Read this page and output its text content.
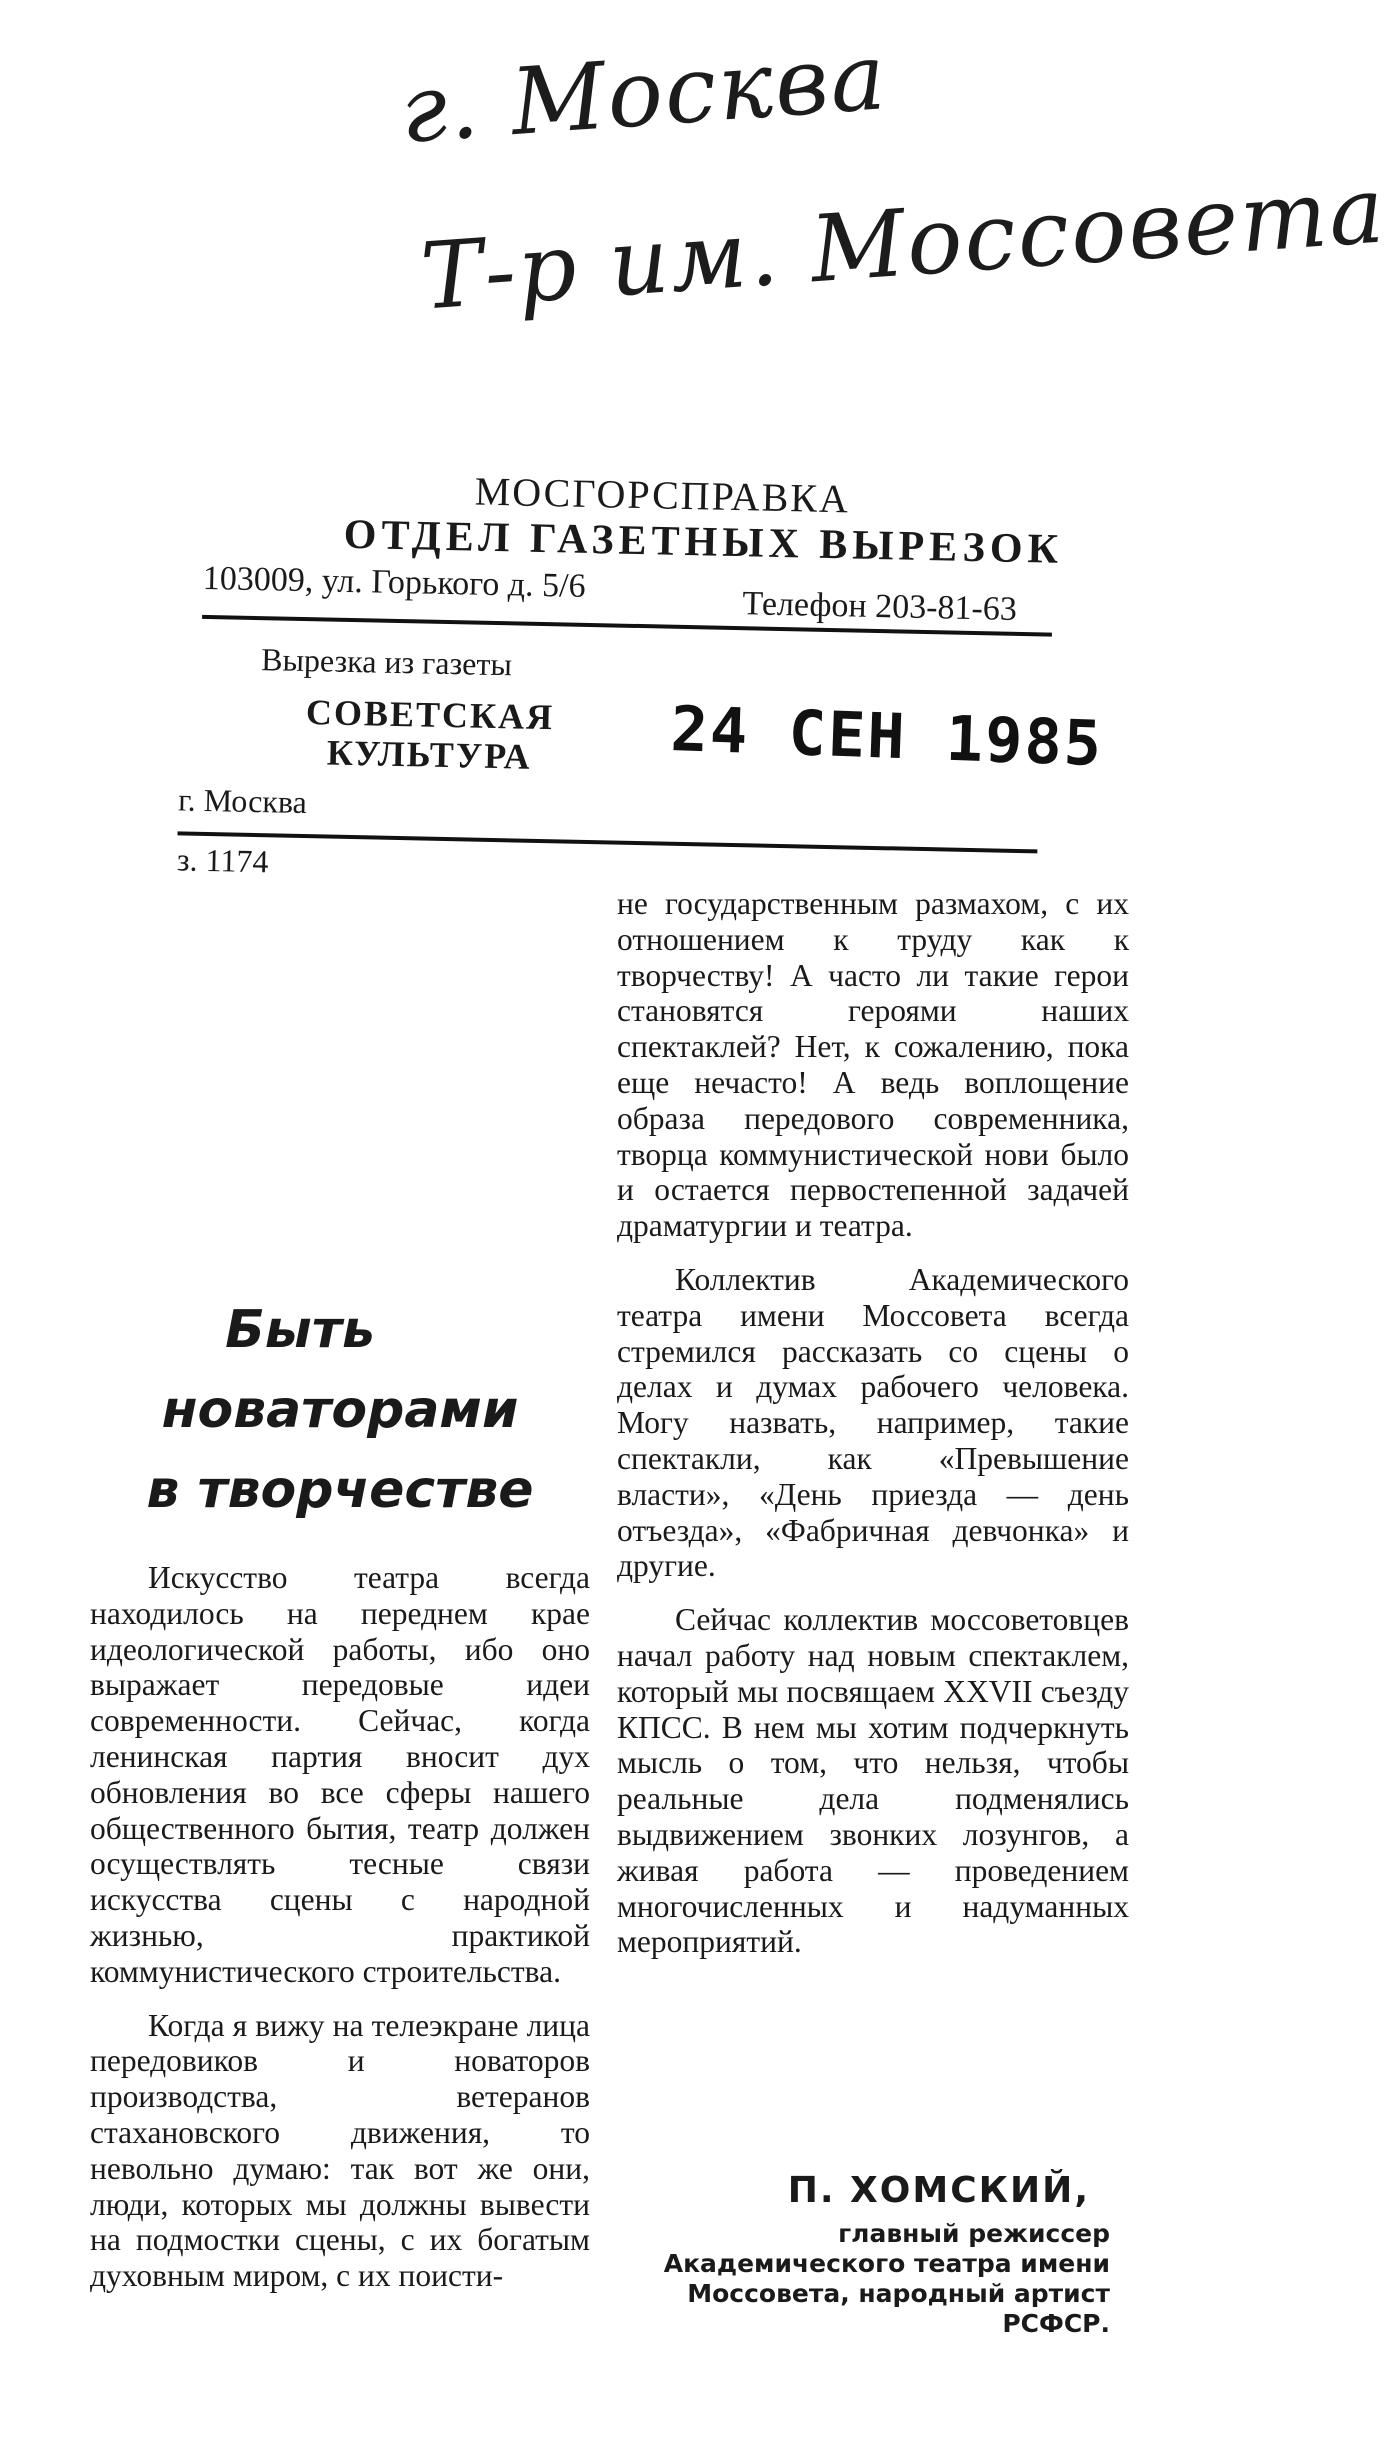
г. Москва
Т-р им. Моссовета
МОСГОРСПРАВКА
ОТДЕЛ ГАЗЕТНЫХ ВЫРЕЗОК
103009, ул. Горького д. 5/6
Телефон 203-81-63
Вырезка из газеты
СОВЕТСКАЯ
КУЛЬТУРА
г. Москва
з. 1174
24 СЕН 1985
Быть
новаторами
в творчестве

Искусство театра всегда находилось на переднем крае идеологической работы, ибо оно выражает передовые идеи современности. Сейчас, когда ленинская партия вносит дух обновления во все сферы нашего общественного бытия, театр должен осуществлять тесные связи искусства сцены с народной жизнью, практикой коммунистического строительства.

Когда я вижу на телеэкране лица передовиков и новаторов производства, ветеранов стахановского движения, то невольно думаю: так вот же они, люди, которых мы должны вывести на подмостки сцены, с их богатым духовным миром, с их поисти-

не государственным размахом, с их отношением к труду как к творчеству! А часто ли такие герои становятся героями наших спектаклей? Нет, к сожалению, пока еще нечасто! А ведь воплощение образа передового современника, творца коммунистической нови было и остается первостепенной задачей драматургии и театра.

Коллектив Академического театра имени Моссовета всегда стремился рассказать со сцены о делах и думах рабочего человека. Могу назвать, например, такие спектакли, как «Превышение власти», «День приезда — день отъезда», «Фабричная девчонка» и другие.

Сейчас коллектив моссоветовцев начал работу над новым спектаклем, который мы посвящаем XXVII съезду КПСС. В нем мы хотим подчеркнуть мысль о том, что нельзя, чтобы реальные дела подменялись выдвижением звонких лозунгов, а живая работа — проведением многочисленных и надуманных мероприятий.

П. ХОМСКИЙ,
главный режиссер Академического театра имени Моссовета, народный артист РСФСР.
